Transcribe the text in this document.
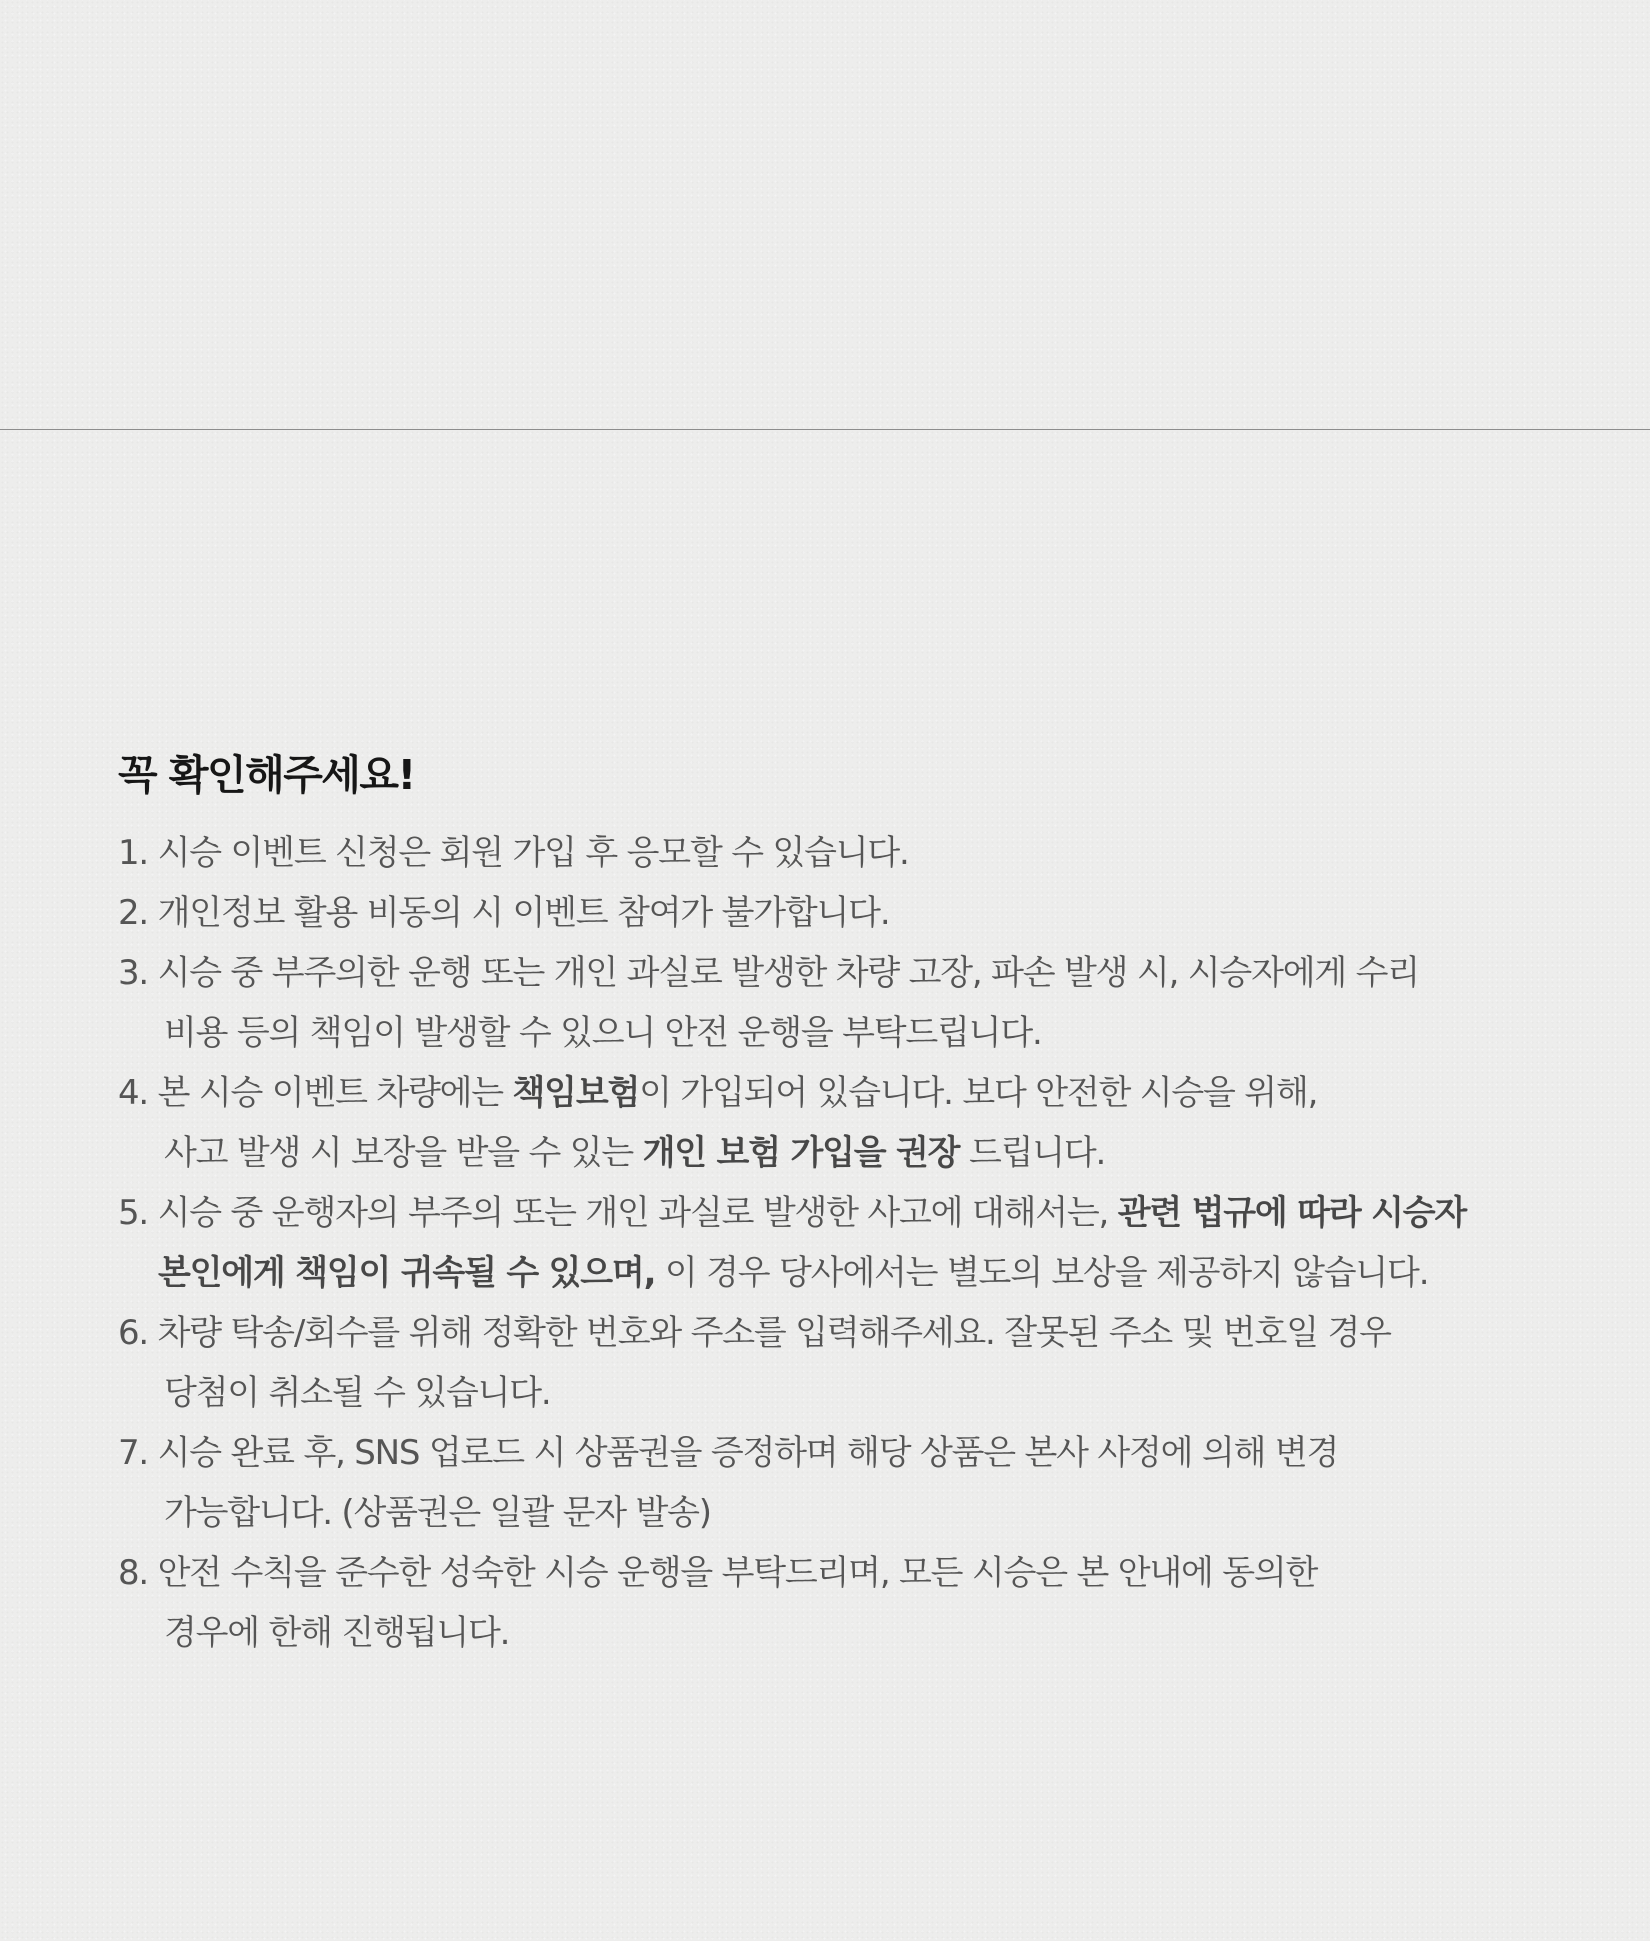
꼭 확인해주세요!
1. 시승 이벤트 신청은 회원 가입 후 응모할 수 있습니다.
2. 개인정보 활용 비동의 시 이벤트 참여가 불가합니다.
3. 시승 중 부주의한 운행 또는 개인 과실로 발생한 차량 고장, 파손 발생 시, 시승자에게 수리
비용 등의 책임이 발생할 수 있으니 안전 운행을 부탁드립니다.
4. 본 시승 이벤트 차량에는 책임보험이 가입되어 있습니다. 보다 안전한 시승을 위해,
사고 발생 시 보장을 받을 수 있는 개인 보험 가입을 권장 드립니다.
5. 시승 중 운행자의 부주의 또는 개인 과실로 발생한 사고에 대해서는, 관련 법규에 따라 시승자
본인에게 책임이 귀속될 수 있으며, 이 경우 당사에서는 별도의 보상을 제공하지 않습니다.
6. 차량 탁송/회수를 위해 정확한 번호와 주소를 입력해주세요. 잘못된 주소 및 번호일 경우
당첨이 취소될 수 있습니다.
7. 시승 완료 후, SNS 업로드 시 상품권을 증정하며 해당 상품은 본사 사정에 의해 변경
가능합니다. (상품권은 일괄 문자 발송)
8. 안전 수칙을 준수한 성숙한 시승 운행을 부탁드리며, 모든 시승은 본 안내에 동의한
경우에 한해 진행됩니다.
